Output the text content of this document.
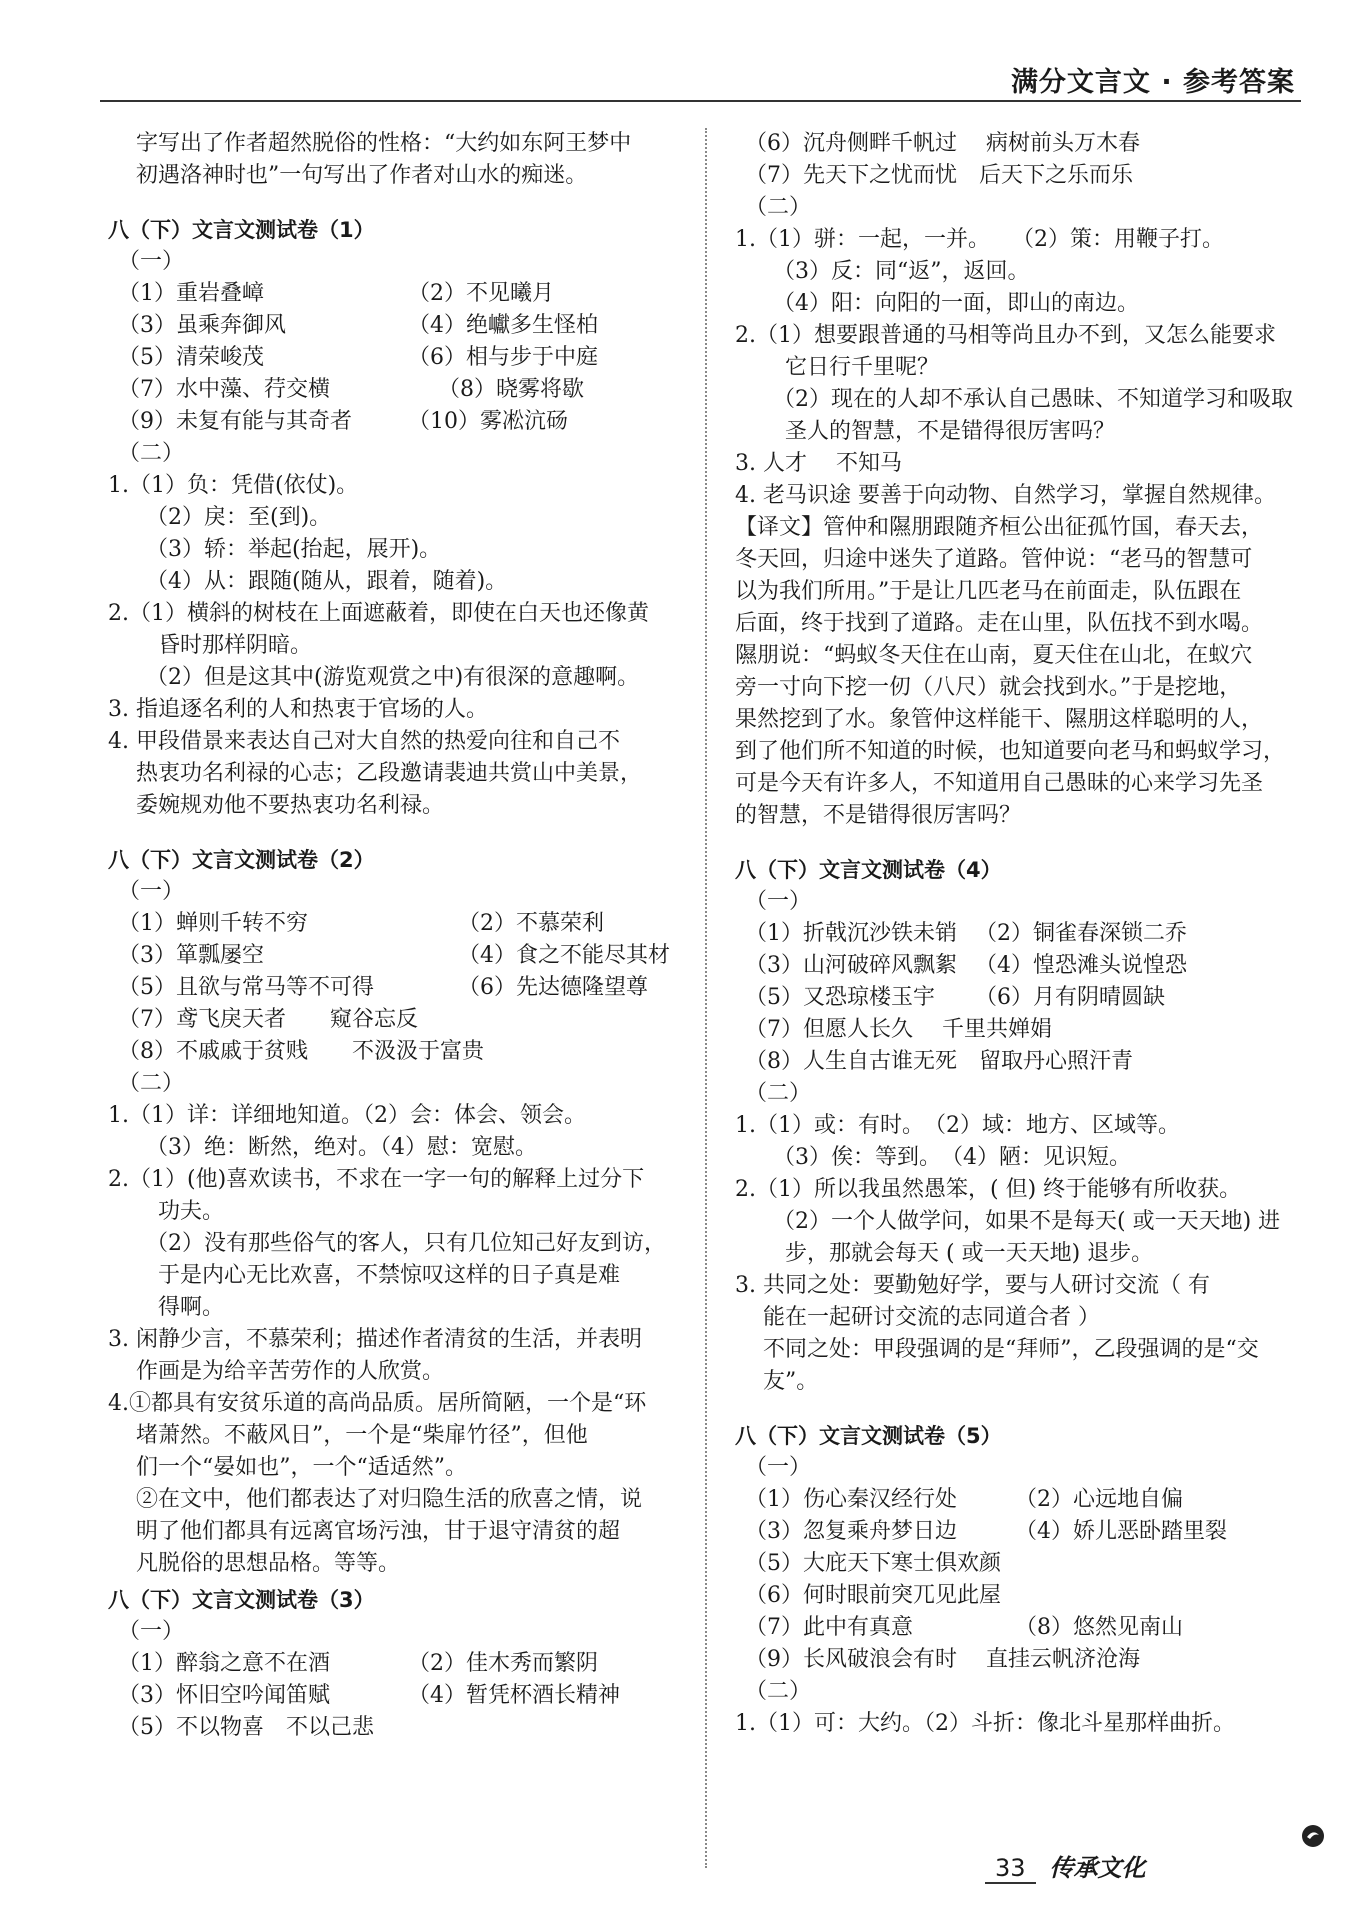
满分文言文 · 参考答案
字写出了作者超然脱俗的性格：“大约如东阿王梦中
初遇洛神时也”一句写出了作者对山水的痴迷。
八（下）文言文测试卷（1）
（一）
（1）重岩叠嶂	（2）不见曦月
（3）虽乘奔御风	（4）绝巘多生怪柏
（5）清荣峻茂	（6）相与步于中庭
（7）水中藻、荇交横	（8）晓雾将歇
（9）未复有能与其奇者	（10）雾凇沆砀
（二）
1.（1）负：凭借(依仗)。
（2）戾：至(到)。
（3）轿：举起(抬起，展开)。
（4）从：跟随(随从，跟着，随着)。
2.（1）横斜的树枝在上面遮蔽着，即使在白天也还像黄
昏时那样阴暗。
（2）但是这其中(游览观赏之中)有很深的意趣啊。
3. 指追逐名利的人和热衷于官场的人。
4. 甲段借景来表达自己对大自然的热爱向往和自己不
热衷功名利禄的心志；乙段邀请裴迪共赏山中美景，
委婉规劝他不要热衷功名利禄。
八（下）文言文测试卷（2）
（一）
（1）蝉则千转不穷	（2）不慕荣利
（3）箪瓢屡空	（4）食之不能尽其材
（5）且欲与常马等不可得	（6）先达德隆望尊
（7）鸢飞戾天者　　窥谷忘反
（8）不戚戚于贫贱　　不汲汲于富贵
（二）
1.（1）详：详细地知道。（2）会：体会、领会。
（3）绝：断然，绝对。（4）慰：宽慰。
2.（1）(他)喜欢读书，不求在一字一句的解释上过分下
功夫。
（2）没有那些俗气的客人，只有几位知己好友到访，
于是内心无比欢喜，不禁惊叹这样的日子真是难
得啊。
3. 闲静少言，不慕荣利；描述作者清贫的生活，并表明
作画是为给辛苦劳作的人欣赏。
4.①都具有安贫乐道的高尚品质。居所简陋，一个是“环
堵萧然。不蔽风日”，一个是“柴扉竹径”，但他
们一个“晏如也”，一个“适适然”。
②在文中，他们都表达了对归隐生活的欣喜之情，说
明了他们都具有远离官场污浊，甘于退守清贫的超
凡脱俗的思想品格。等等。
八（下）文言文测试卷（3）
（一）
（1）醉翁之意不在酒	（2）佳木秀而繁阴
（3）怀旧空吟闻笛赋	（4）暂凭杯酒长精神
（5）不以物喜　不以己悲
（6）沉舟侧畔千帆过　 病树前头万木春
（7）先天下之忧而忧　后天下之乐而乐
（二）
1.（1）骈：一起，一并。　　（2）策：用鞭子打。
（3）反：同“返”，返回。
（4）阳：向阳的一面，即山的南边。
2.（1）想要跟普通的马相等尚且办不到，又怎么能要求
它日行千里呢？
（2）现在的人却不承认自己愚昧、不知道学习和吸取
圣人的智慧，不是错得很厉害吗？
3. 人才　 不知马
4. 老马识途 要善于向动物、自然学习，掌握自然规律。
【译文】管仲和隰朋跟随齐桓公出征孤竹国，春天去，
冬天回，归途中迷失了道路。管仲说：“老马的智慧可
以为我们所用。”于是让几匹老马在前面走，队伍跟在
后面，终于找到了道路。走在山里，队伍找不到水喝。
隰朋说：“蚂蚁冬天住在山南，夏天住在山北，在蚁穴
旁一寸向下挖一仞（八尺）就会找到水。”于是挖地，
果然挖到了水。象管仲这样能干、隰朋这样聪明的人，
到了他们所不知道的时候，也知道要向老马和蚂蚁学习，
可是今天有许多人，不知道用自己愚昧的心来学习先圣
的智慧，不是错得很厉害吗？
八（下）文言文测试卷（4）
（一）
（1）折戟沉沙铁未销 （2）铜雀春深锁二乔
（3）山河破碎风飘絮 （4）惶恐滩头说惶恐
（5）又恐琼楼玉宇	（6）月有阴晴圆缺
（7）但愿人长久　 千里共婵娟
（8）人生自古谁无死　留取丹心照汗青
（二）
1.（1）或：有时。　（2）域：地方、区域等。
（3）俟：等到。　（4）陋：见识短。
2.（1）所以我虽然愚笨，( 但) 终于能够有所收获。
（2）一个人做学问，如果不是每天( 或一天天地) 进
步，那就会每天 ( 或一天天地) 退步。
3. 共同之处：要勤勉好学，要与人研讨交流（ 有
能在一起研讨交流的志同道合者 ）
不同之处：甲段强调的是“拜师”，乙段强调的是“交
友”。
八（下）文言文测试卷（5）
（一）
（1）伤心秦汉经行处	（2）心远地自偏
（3）忽复乘舟梦日边	（4）娇儿恶卧踏里裂
（5）大庇天下寒士俱欢颜
（6）何时眼前突兀见此屋
（7）此中有真意	（8）悠然见南山
（9）长风破浪会有时　 直挂云帆济沧海
（二）
1.（1）可：大约。（2）斗折：像北斗星那样曲折。
33	传承文化
